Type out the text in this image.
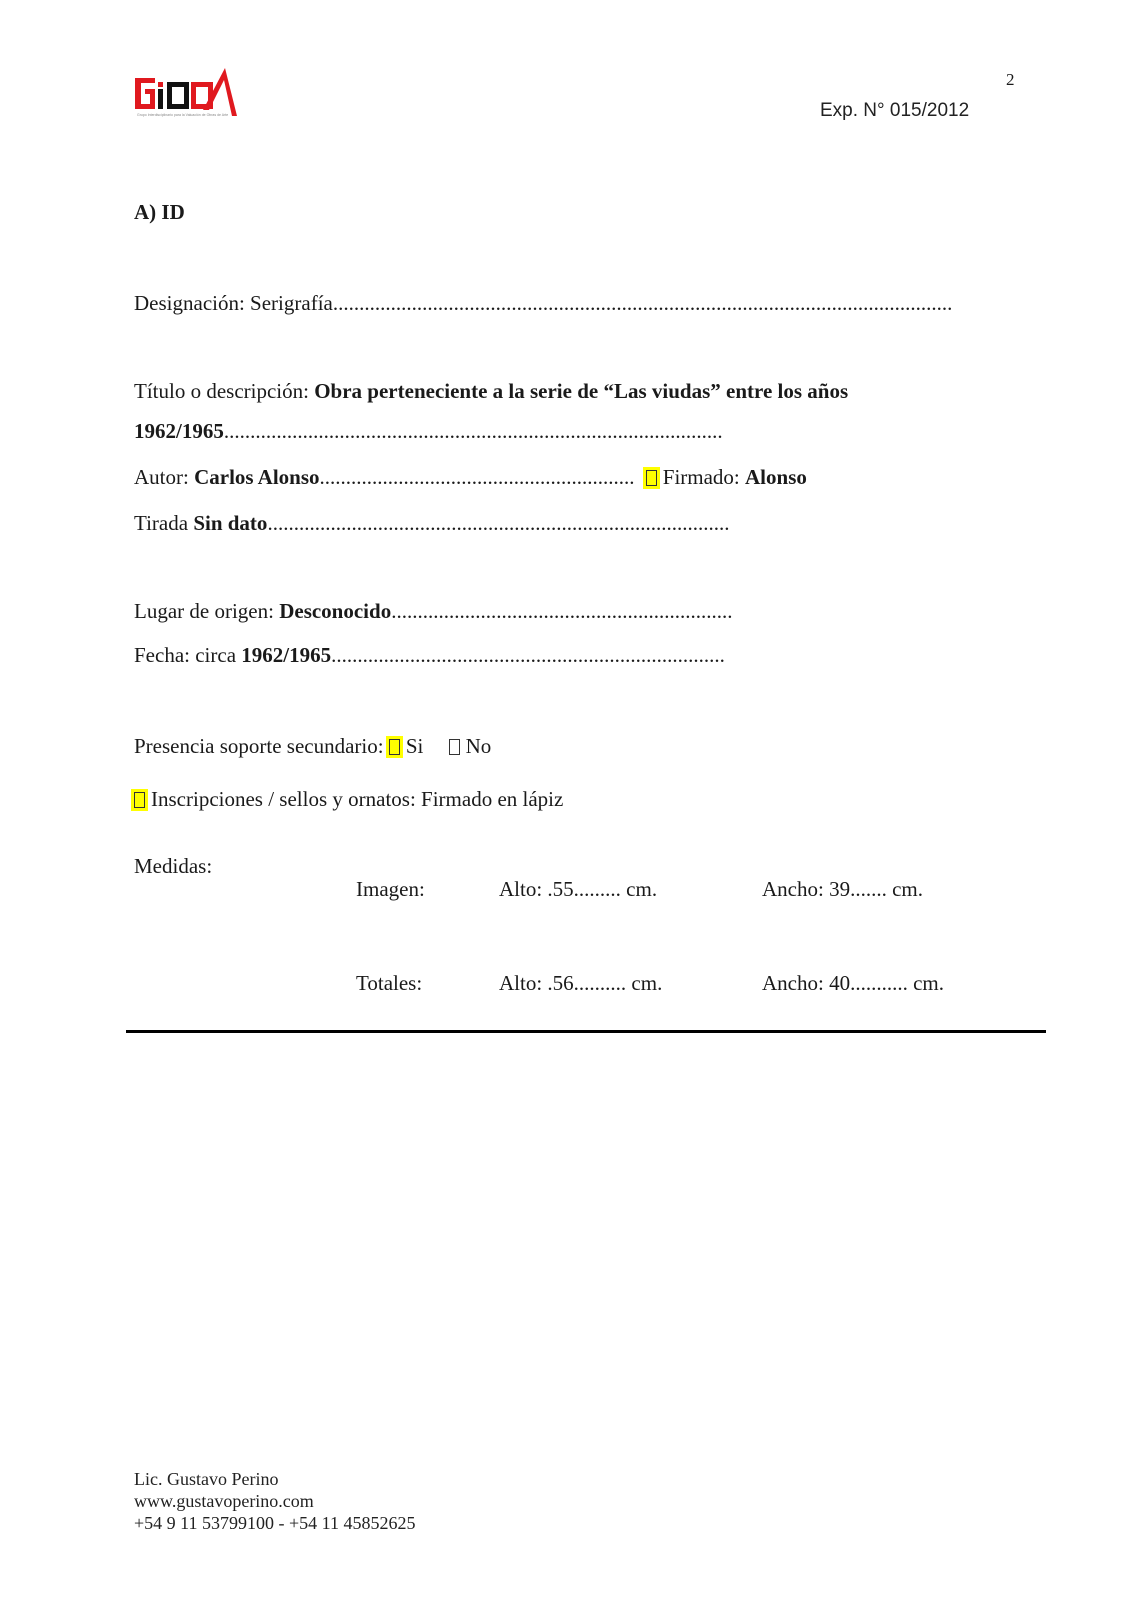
Grupo Interdisciplinario para la Valuación de Obras de Arte
2
Exp. N° 015/2012
A) ID
Designación: Serigrafía......................................................................................................................
Título o descripción: Obra perteneciente a la serie de “Las viudas” entre los años
1962/1965...............................................................................................
Autor: Carlos Alonso............................................................ Firmado: Alonso
Tirada Sin dato........................................................................................
Lugar de origen: Desconocido.................................................................
Fecha: circa 1962/1965...........................................................................
Presencia soporte secundario: Si No
Inscripciones / sellos y ornatos: Firmado en lápiz
Medidas:
Imagen:	Alto: .55......... cm.	Ancho: 39....... cm.
Totales:	Alto: .56.......... cm.	Ancho: 40........... cm.
Lic. Gustavo Perino
www.gustavoperino.com
+54 9 11 53799100 - +54 11 45852625
